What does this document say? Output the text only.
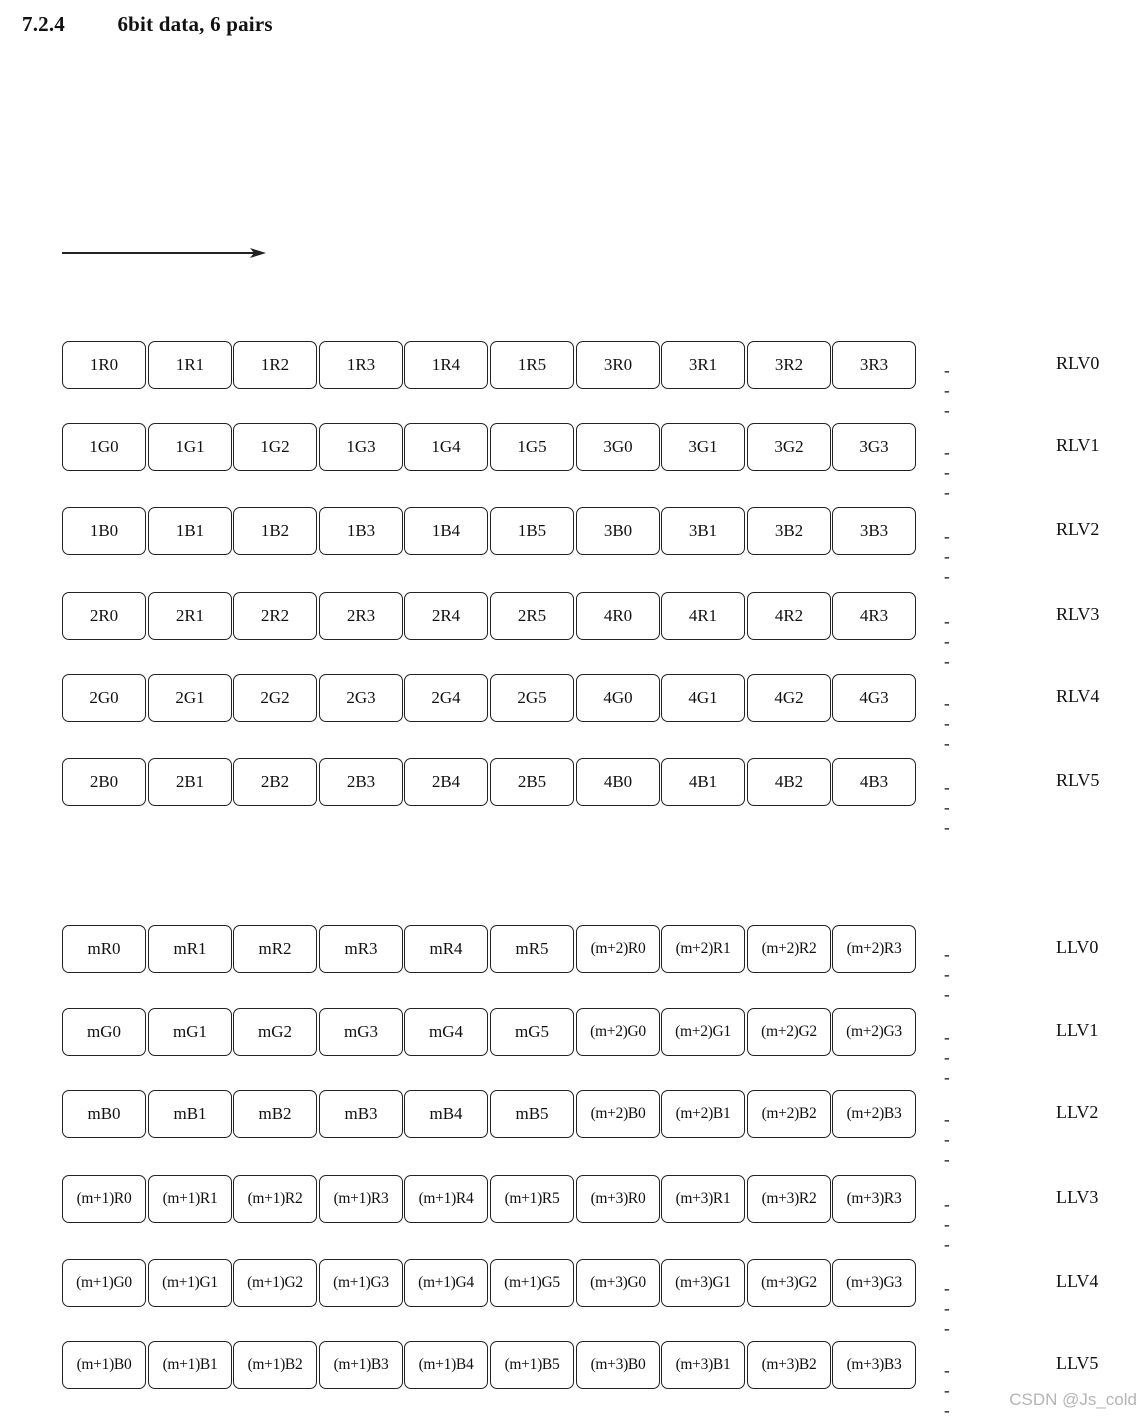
7.2.4 6bit data, 6 pairs
1R0	1R1	1R2	1R3	1R4	1R5	3R0	3R1	3R2	3R3	- - -
RLV0
1G0	1G1	1G2	1G3	1G4	1G5	3G0	3G1	3G2	3G3	- - -
RLV1
1B0	1B1	1B2	1B3	1B4	1B5	3B0	3B1	3B2	3B3	- - -
RLV2
2R0	2R1	2R2	2R3	2R4	2R5	4R0	4R1	4R2	4R3	- - -
RLV3
2G0	2G1	2G2	2G3	2G4	2G5	4G0	4G1	4G2	4G3	- - -
RLV4
2B0	2B1	2B2	2B3	2B4	2B5	4B0	4B1	4B2	4B3	- - -
RLV5
mR0	mR1	mR2	mR3	mR4	mR5	(m+2)R0	(m+2)R1	(m+2)R2	(m+2)R3	- - -
LLV0
mG0	mG1	mG2	mG3	mG4	mG5	(m+2)G0	(m+2)G1	(m+2)G2	(m+2)G3	- - -
LLV1
mB0	mB1	mB2	mB3	mB4	mB5	(m+2)B0	(m+2)B1	(m+2)B2	(m+2)B3	- - -
LLV2
(m+1)R0	(m+1)R1	(m+1)R2	(m+1)R3	(m+1)R4	(m+1)R5	(m+3)R0	(m+3)R1	(m+3)R2	(m+3)R3	- - -
LLV3
(m+1)G0	(m+1)G1	(m+1)G2	(m+1)G3	(m+1)G4	(m+1)G5	(m+3)G0	(m+3)G1	(m+3)G2	(m+3)G3	- - -
LLV4
(m+1)B0	(m+1)B1	(m+1)B2	(m+1)B3	(m+1)B4	(m+1)B5	(m+3)B0	(m+3)B1	(m+3)B2	(m+3)B3	- - -
LLV5
CSDN @Js_cold
